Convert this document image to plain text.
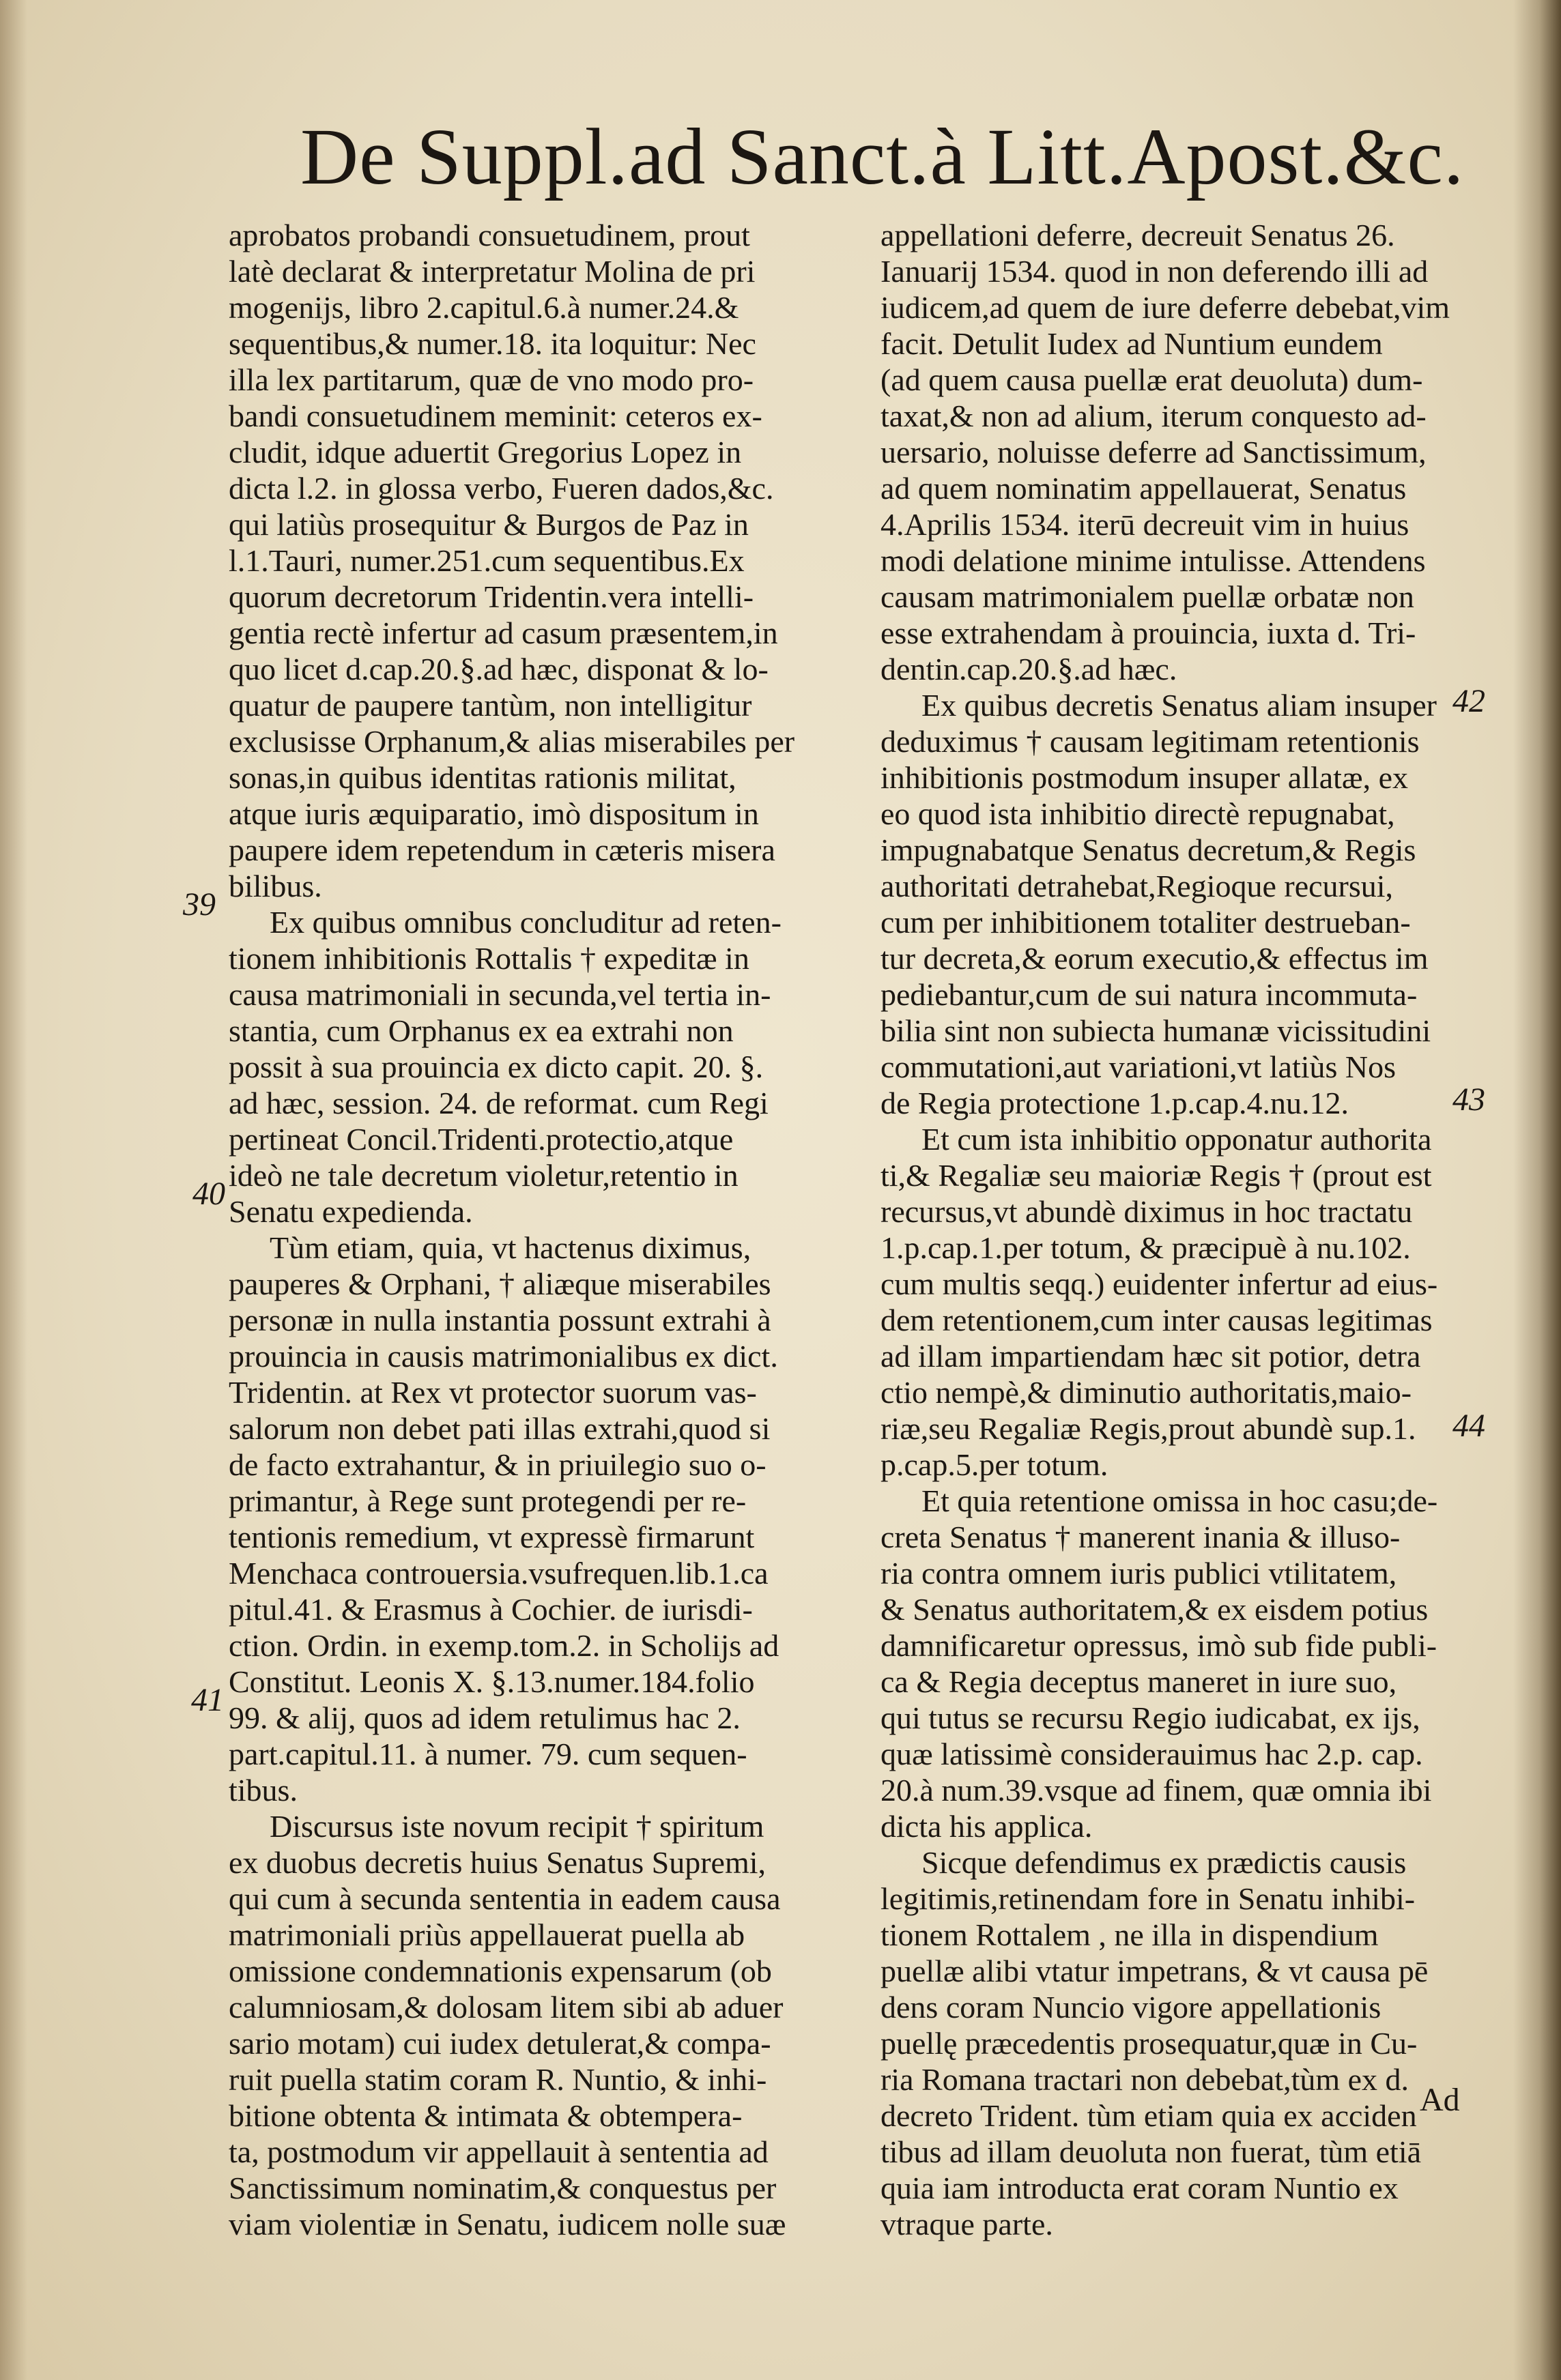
De Suppl.ad Sanct.à Litt.Apost.&c.
aprobatos probandi consuetudinem, prout
latè declarat & interpretatur Molina de pri
mogenijs, libro 2.capitul.6.à numer.24.&
sequentibus,& numer.18. ita loquitur: Nec
illa lex partitarum, quæ de vno modo pro-
bandi consuetudinem meminit: ceteros ex-
cludit, idque aduertit Gregorius Lopez in
dicta l.2. in glossa verbo, Fueren dados,&c.
qui latiùs prosequitur & Burgos de Paz in
l.1.Tauri, numer.251.cum sequentibus.Ex
quorum decretorum Tridentin.vera intelli-
gentia rectè infertur ad casum præsentem,in
quo licet d.cap.20.§.ad hæc, disponat & lo-
quatur de paupere tantùm, non intelligitur
exclusisse Orphanum,& alias miserabiles per
sonas,in quibus identitas rationis militat,
atque iuris æquiparatio, imò dispositum in
paupere idem repetendum in cæteris misera
bilibus.
Ex quibus omnibus concluditur ad reten-
tionem inhibitionis Rottalis † expeditæ in
causa matrimoniali in secunda,vel tertia in-
stantia, cum Orphanus ex ea extrahi non
possit à sua prouincia ex dicto capit. 20. §.
ad hæc, session. 24. de reformat. cum Regi
pertineat Concil.Tridenti.protectio,atque
ideò ne tale decretum violetur,retentio in
Senatu expedienda.
Tùm etiam, quia, vt hactenus diximus,
pauperes & Orphani, † aliæque miserabiles
personæ in nulla instantia possunt extrahi à
prouincia in causis matrimonialibus ex dict.
Tridentin. at Rex vt protector suorum vas-
salorum non debet pati illas extrahi,quod si
de facto extrahantur, & in priuilegio suo o-
primantur, à Rege sunt protegendi per re-
tentionis remedium, vt expressè firmarunt
Menchaca controuersia.vsufrequen.lib.1.ca
pitul.41. & Erasmus à Cochier. de iurisdi-
ction. Ordin. in exemp.tom.2. in Scholijs ad
Constitut. Leonis X. §.13.numer.184.folio
99. & alij, quos ad idem retulimus hac 2.
part.capitul.11. à numer. 79. cum sequen-
tibus.
Discursus iste novum recipit † spiritum
ex duobus decretis huius Senatus Supremi,
qui cum à secunda sententia in eadem causa
matrimoniali priùs appellauerat puella ab
omissione condemnationis expensarum (ob
calumniosam,& dolosam litem sibi ab aduer
sario motam) cui iudex detulerat,& compa-
ruit puella statim coram R. Nuntio, & inhi-
bitione obtenta & intimata & obtempera-
ta, postmodum vir appellauit à sententia ad
Sanctissimum nominatim,& conquestus per
viam violentiæ in Senatu, iudicem nolle suæ
appellationi deferre, decreuit Senatus 26.
Ianuarij 1534. quod in non deferendo illi ad
iudicem,ad quem de iure deferre debebat,vim
facit. Detulit Iudex ad Nuntium eundem
(ad quem causa puellæ erat deuoluta) dum-
taxat,& non ad alium, iterum conquesto ad-
uersario, noluisse deferre ad Sanctissimum,
ad quem nominatim appellauerat, Senatus
4.Aprilis 1534. iterū decreuit vim in huius
modi delatione minime intulisse. Attendens
causam matrimonialem puellæ orbatæ non
esse extrahendam à prouincia, iuxta d. Tri-
dentin.cap.20.§.ad hæc.
Ex quibus decretis Senatus aliam insuper
deduximus † causam legitimam retentionis
inhibitionis postmodum insuper allatæ, ex
eo quod ista inhibitio directè repugnabat,
impugnabatque Senatus decretum,& Regis
authoritati detrahebat,Regioque recursui,
cum per inhibitionem totaliter destrueban-
tur decreta,& eorum executio,& effectus im
pediebantur,cum de sui natura incommuta-
bilia sint non subiecta humanæ vicissitudini
commutationi,aut variationi,vt latiùs Nos
de Regia protectione 1.p.cap.4.nu.12.
Et cum ista inhibitio opponatur authorita
ti,& Regaliæ seu maioriæ Regis † (prout est
recursus,vt abundè diximus in hoc tractatu
1.p.cap.1.per totum, & præcipuè à nu.102.
cum multis seqq.) euidenter infertur ad eius-
dem retentionem,cum inter causas legitimas
ad illam impartiendam hæc sit potior, detra
ctio nempè,& diminutio authoritatis,maio-
riæ,seu Regaliæ Regis,prout abundè sup.1.
p.cap.5.per totum.
Et quia retentione omissa in hoc casu;de-
creta Senatus † manerent inania & illuso-
ria contra omnem iuris publici vtilitatem,
& Senatus authoritatem,& ex eisdem potius
damnificaretur opressus, imò sub fide publi-
ca & Regia deceptus maneret in iure suo,
qui tutus se recursu Regio iudicabat, ex ijs,
quæ latissimè considerauimus hac 2.p. cap.
20.à num.39.vsque ad finem, quæ omnia ibi
dicta his applica.
Sicque defendimus ex prædictis causis
legitimis,retinendam fore in Senatu inhibi-
tionem Rottalem , ne illa in dispendium
puellæ alibi vtatur impetrans, & vt causa pē
dens coram Nuncio vigore appellationis
puellę præcedentis prosequatur,quæ in Cu-
ria Romana tractari non debebat,tùm ex d.
decreto Trident. tùm etiam quia ex acciden
tibus ad illam deuoluta non fuerat, tùm etiā
quia iam introducta erat coram Nuntio ex
vtraque parte.
39
40
41
42
43
44
Ad
